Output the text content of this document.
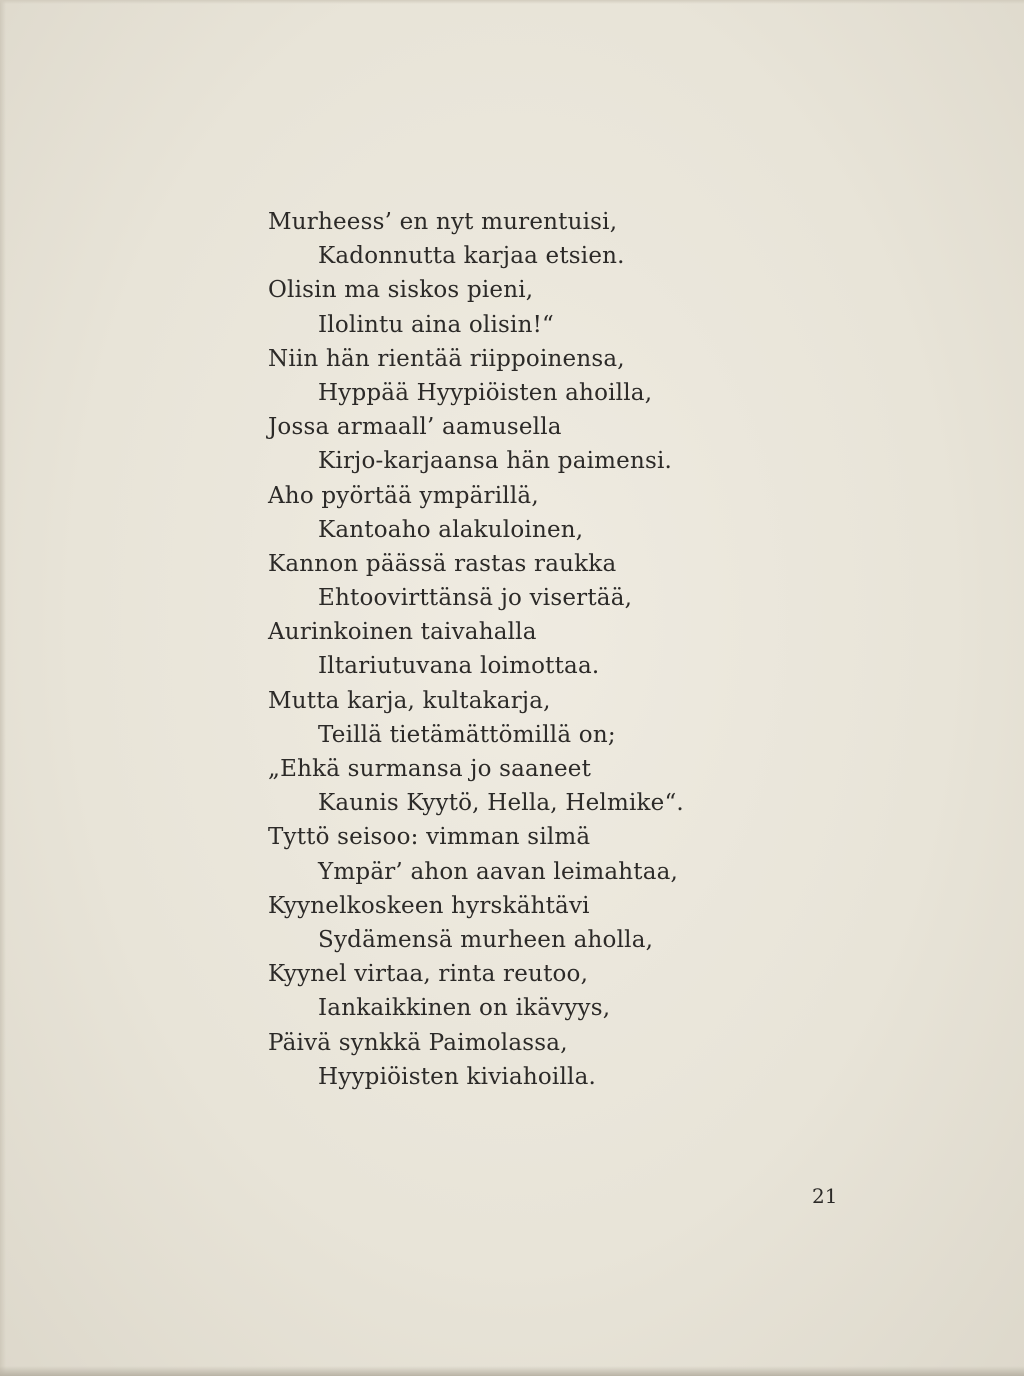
Murheess’ en nyt murentuisi,
Kadonnutta karjaa etsien.
Olisin ma siskos pieni,
Ilolintu aina olisin!“
Niin hän rientää riippoinensa,
Hyppää Hyypiöisten ahoilla,
Jossa armaall’ aamusella
Kirjo-karjaansa hän paimensi.
Aho pyörtää ympärillä,
Kantoaho alakuloinen,
Kannon päässä rastas raukka
Ehtoovirttänsä jo visertää,
Aurinkoinen taivahalla
Iltariutuvana loimottaa.
Mutta karja, kultakarja,
Teillä tietämättömillä on;
„Ehkä surmansa jo saaneet
Kaunis Kyytö, Hella, Helmike“.
Tyttö seisoo: vimman silmä
Ympär’ ahon aavan leimahtaa,
Kyynelkoskeen hyrskähtävi
Sydämensä murheen aholla,
Kyynel virtaa, rinta reutoo,
Iankaikkinen on ikävyys,
Päivä synkkä Paimolassa,
Hyypiöisten kiviahoilla.
21
